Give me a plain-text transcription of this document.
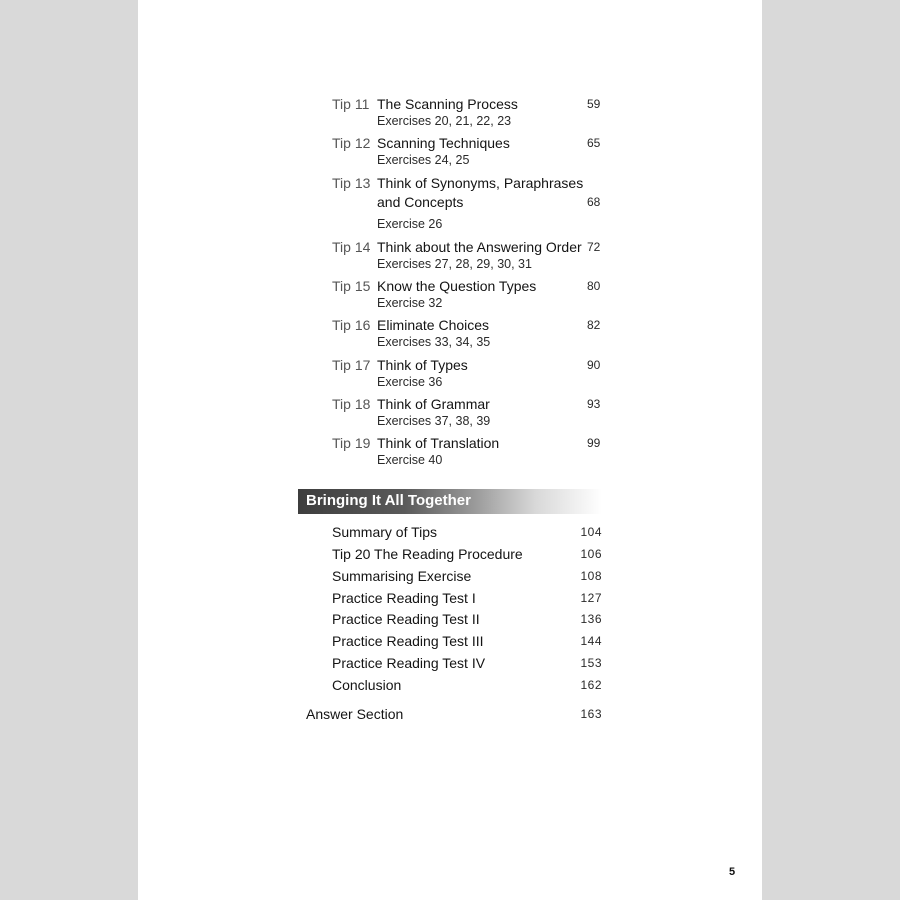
Tip 11 The Scanning Process	59
Exercises 20, 21, 22, 23
Tip 12 Scanning Techniques	65
Exercises 24, 25
Tip 13 Think of Synonyms, Paraphrases
and Concepts	68
Exercise 26
Tip 14 Think about the Answering Order 72
Exercises 27, 28, 29, 30, 31
Tip 15 Know the Question Types	80
Exercise 32
Tip 16 Eliminate Choices	82
Exercises 33, 34, 35
Tip 17 Think of Types	90
Exercise 36
Tip 18 Think of Grammar	93
Exercises 37, 38, 39
Tip 19 Think of Translation	99
Exercise 40
Bringing It All Together
Summary of Tips	104
Tip 20 The Reading Procedure	106
Summarising Exercise	108
Practice Reading Test I	127
Practice Reading Test II	136
Practice Reading Test III	144
Practice Reading Test IV	153
Conclusion	162
Answer Section	163
5
